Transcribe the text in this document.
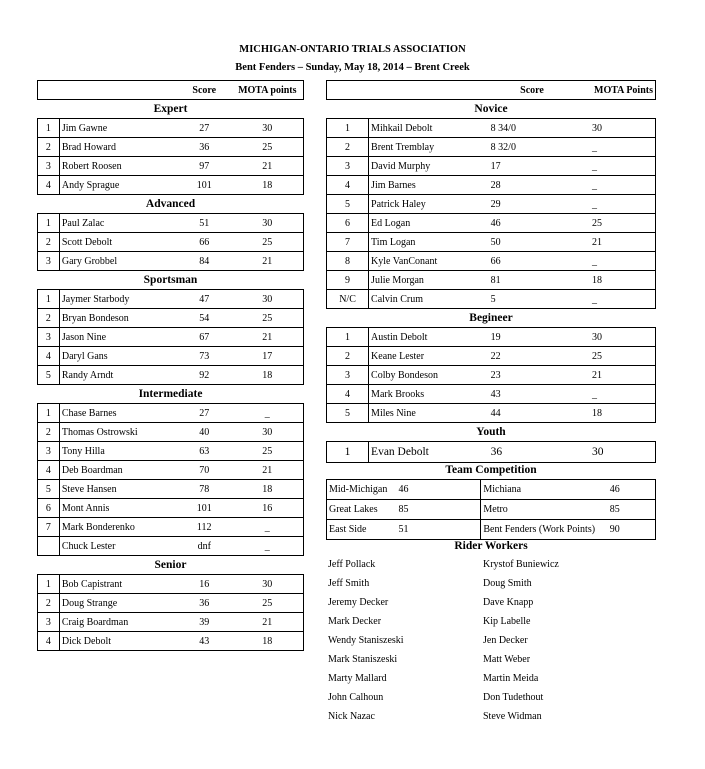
MICHIGAN-ONTARIO TRIALS ASSOCIATION
Bent Fenders – Sunday, May 18, 2014 – Brent Creek
		Score	MOTA points
Expert			
1	Jim Gawne	27	30
2	Brad Howard	36	25
3	Robert Roosen	97	21
4	Andy Sprague	101	18
Advanced			
1	Paul Zalac	51	30
2	Scott Debolt	66	25
3	Gary Grobbel	84	21
Sportsman			
1	Jaymer Starbody	47	30
2	Bryan Bondeson	54	25
3	Jason Nine	67	21
4	Daryl Gans	73	17
5	Randy Arndt	92	18
Intermediate			
1	Chase Barnes	27	_
2	Thomas Ostrowski	40	30
3	Tony Hilla	63	25
4	Deb Boardman	70	21
5	Steve Hansen	78	18
6	Mont Annis	101	16
7	Mark Bonderenko	112	_
	Chuck Lester	dnf	_
Senior			
1	Bob Capistrant	16	30
2	Doug Strange	36	25
3	Craig Boardman	39	21
4	Dick Debolt	43	18
			Score	MOTA Points
Novice				
1	Mihkail Debolt	8 34/0		30
2	Brent Tremblay	8 32/0		_
3	David Murphy	17		_
4	Jim Barnes	28		_
5	Patrick Haley	29		_
6	Ed Logan	46		25
7	Tim Logan	50		21
8	Kyle VanConant	66		_
9	Julie Morgan	81		18
N/C	Calvin Crum	5		_
Begineer				
1	Austin Debolt	19		30
2	Keane Lester	22		25
3	Colby Bondeson	23		21
4	Mark Brooks	43		_
5	Miles Nine	44		18
Youth				
1	Evan Debolt	36		30
Team Competition			
Mid-Michigan	46	Michiana	46
Great Lakes	85	Metro	85
East Side	51	Bent Fenders (Work Points)	90
Rider Workers	
Jeff Pollack	Krystof Buniewicz
Jeff Smith	Doug Smith
Jeremy Decker	Dave Knapp
Mark Decker	Kip Labelle
Wendy Staniszeski	Jen Decker
Mark Staniszeski	Matt Weber
Marty Mallard	Martin Meida
John Calhoun	Don Tudethout
Nick Nazac	Steve Widman
